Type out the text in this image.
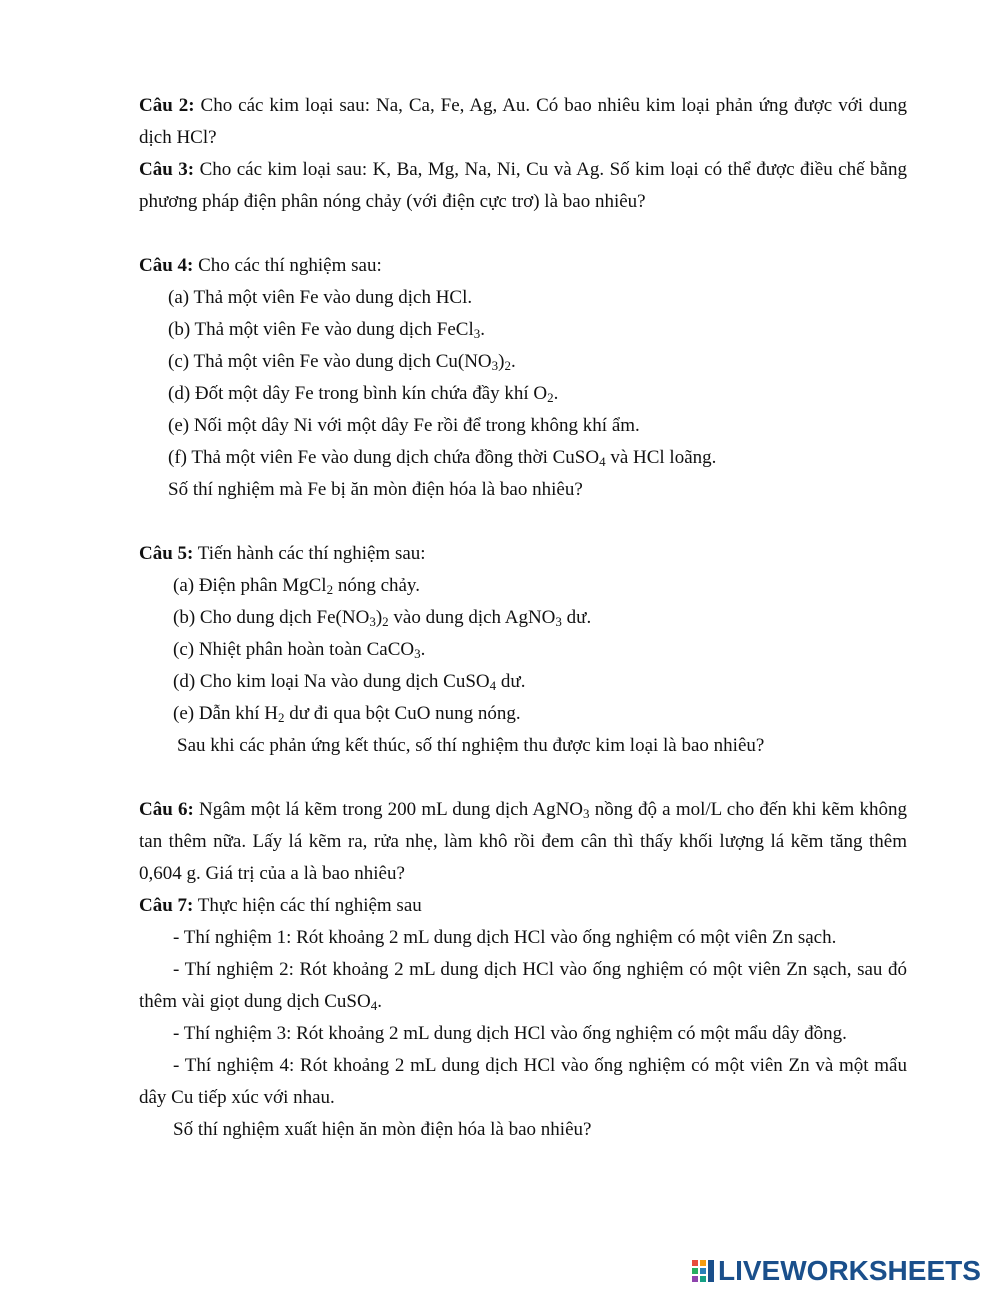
Câu 2: Cho các kim loại sau: Na, Ca, Fe, Ag, Au. Có bao nhiêu kim loại phản ứng được với dung dịch HCl?

Câu 3: Cho các kim loại sau: K, Ba, Mg, Na, Ni, Cu và Ag. Số kim loại có thể được điều chế bằng phương pháp điện phân nóng chảy (với điện cực trơ) là bao nhiêu?

Câu 4: Cho các thí nghiệm sau:

(a) Thả một viên Fe vào dung dịch HCl.

(b) Thả một viên Fe vào dung dịch FeCl$_3$.

(c) Thả một viên Fe vào dung dịch $Cu(NO_3)_2$.

(d) Đốt một dây Fe trong bình kín chứa đầy khí $O_2$.

(e) Nối một dây Ni với một dây Fe rồi để trong không khí ẩm.

(f) Thả một viên Fe vào dung dịch chứa đồng thời CuSO$_4$ và HCl loãng.

Số thí nghiệm mà Fe bị ăn mòn điện hóa là bao nhiêu?

Câu 5: Tiến hành các thí nghiệm sau:

(a) Điện phân MgCl$_2$ nóng chảy.

(b) Cho dung dịch $Fe(NO_3)_2$ vào dung dịch AgNO$_3$ dư.

(c) Nhiệt phân hoàn toàn CaCO$_3$.

(d) Cho kim loại Na vào dung dịch CuSO$_4$ dư.

(e) Dẫn khí $H_2$ dư đi qua bột CuO nung nóng.

Sau khi các phản ứng kết thúc, số thí nghiệm thu được kim loại là bao nhiêu?

Câu 6: Ngâm một lá kẽm trong 200 mL dung dịch AgNO$_3$ nồng độ a mol/L cho đến khi kẽm không tan thêm nữa. Lấy lá kẽm ra, rửa nhẹ, làm khô rồi đem cân thì thấy khối lượng lá kẽm tăng thêm 0,604 g. Giá trị của a là bao nhiêu?

Câu 7: Thực hiện các thí nghiệm sau

- Thí nghiệm 1: Rót khoảng 2 mL dung dịch HCl vào ống nghiệm có một viên Zn sạch.

- Thí nghiệm 2: Rót khoảng 2 mL dung dịch HCl vào ống nghiệm có một viên Zn sạch, sau đó thêm vài giọt dung dịch CuSO$_4$.

- Thí nghiệm 3: Rót khoảng 2 mL dung dịch HCl vào ống nghiệm có một mẩu dây đồng.

- Thí nghiệm 4: Rót khoảng 2 mL dung dịch HCl vào ống nghiệm có một viên Zn và một mẩu dây Cu tiếp xúc với nhau.

Số thí nghiệm xuất hiện ăn mòn điện hóa là bao nhiêu?

LIVEWORKSHEETS
